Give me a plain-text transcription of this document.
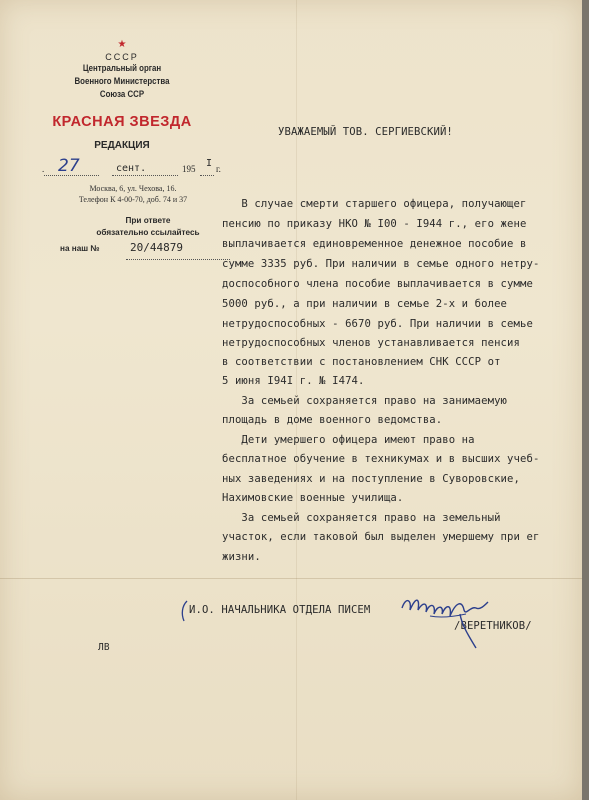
★
СССР
Центральный орган
Военного Министерства
Союза ССР
КРАСНАЯ ЗВЕЗДА
РЕДАКЦИЯ
. 27	сент.	195 I г.
Москва, 6, ул. Чехова, 16.
Телефон К 4-00-70, доб. 74 и 37
При ответе
обязательно ссылайтесь
на наш №	20/44879
УВАЖАЕМЫЙ ТОВ. СЕРГИЕВСКИЙ!
В случае смерти старшего офицера, получающег
пенсию по приказу НКО № I00 - I944 г., его жене
выплачивается единовременное денежное пособие в
сумме 3335 руб. При наличии в семье одного нетру-
доспособного члена пособие выплачивается в сумме
5000 руб., а при наличии в семье 2-х и более
нетрудоспособных - 6670 руб. При наличии в семье
нетрудоспособных членов устанавливается пенсия
в соответствии с постановлением СНК СССР от
5 июня I94I г. № I474.
За семьей сохраняется право на занимаемую
площадь в доме военного ведомства.
Дети умершего офицера имеют право на
бесплатное обучение в техникумах и в высших учеб-
ных заведениях и на поступление в Суворовские,
Нахимовские военные училища.
За семьей сохраняется право на земельный
участок, если таковой был выделен умершему при ег
жизни.
И.О. НАЧАЛЬНИКА ОТДЕЛА ПИСЕМ
/ВЕРЕТНИКОВ/
ЛВ
